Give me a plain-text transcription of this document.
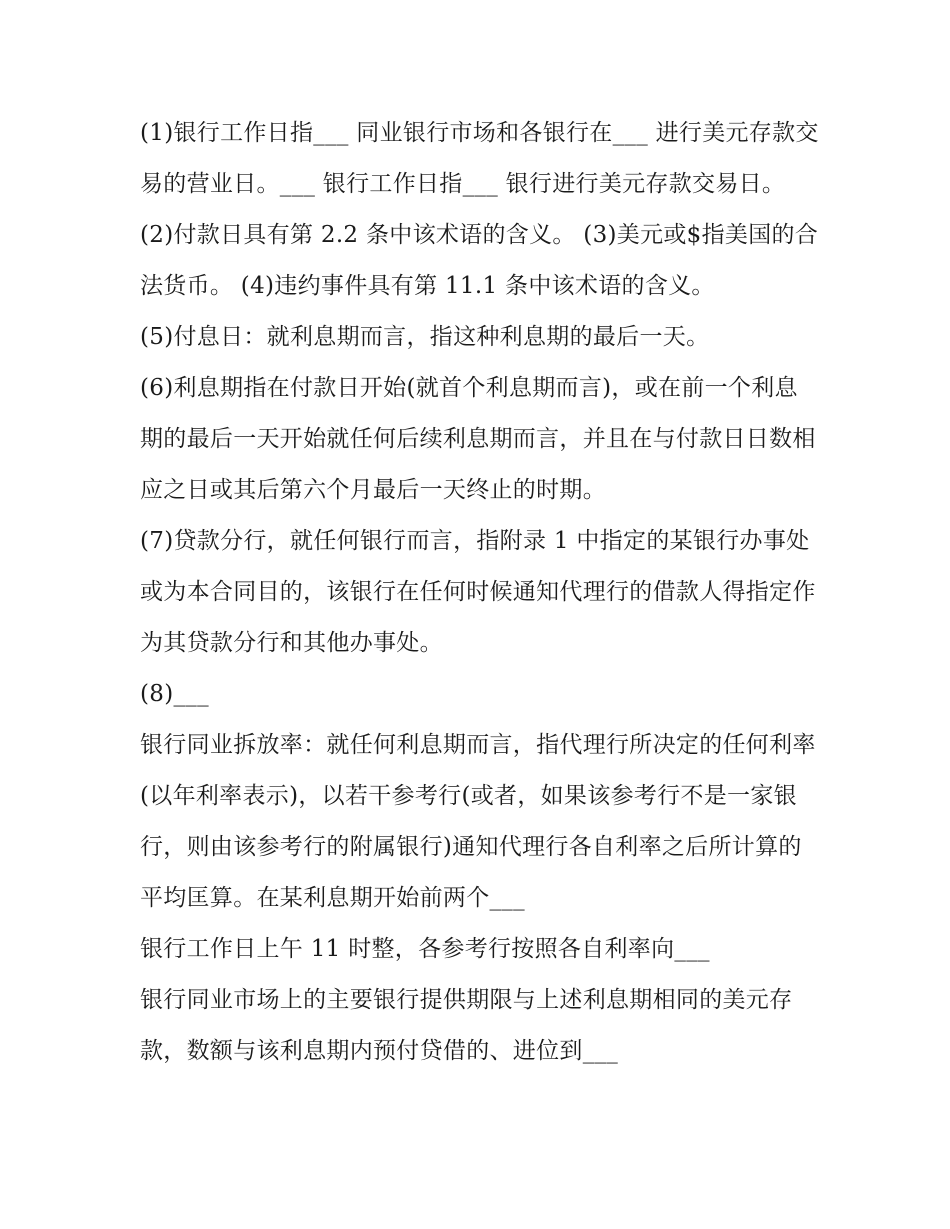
(1)银行工作日指___ 同业银行市场和各银行在___ 进行美元存款交易的营业日。___ 银行工作日指___ 银行进行美元存款交易日。

(2)付款日具有第 2.2 条中该术语的含义。 (3)美元或$指美国的合法货币。 (4)违约事件具有第 11.1 条中该术语的含义。

(5)付息日：就利息期而言，指这种利息期的最后一天。

(6)利息期指在付款日开始(就首个利息期而言)，或在前一个利息期的最后一天开始就任何后续利息期而言，并且在与付款日日数相应之日或其后第六个月最后一天终止的时期。

(7)贷款分行，就任何银行而言，指附录 1 中指定的某银行办事处或为本合同目的，该银行在任何时候通知代理行的借款人得指定作为其贷款分行和其他办事处。

(8)___

银行同业拆放率：就任何利息期而言，指代理行所决定的任何利率(以年利率表示)，以若干参考行(或者，如果该参考行不是一家银行，则由该参考行的附属银行)通知代理行各自利率之后所计算的平均匡算。在某利息期开始前两个___

银行工作日上午 11 时整，各参考行按照各自利率向___

银行同业市场上的主要银行提供期限与上述利息期相同的美元存款，数额与该利息期内预付贷借的、进位到___
